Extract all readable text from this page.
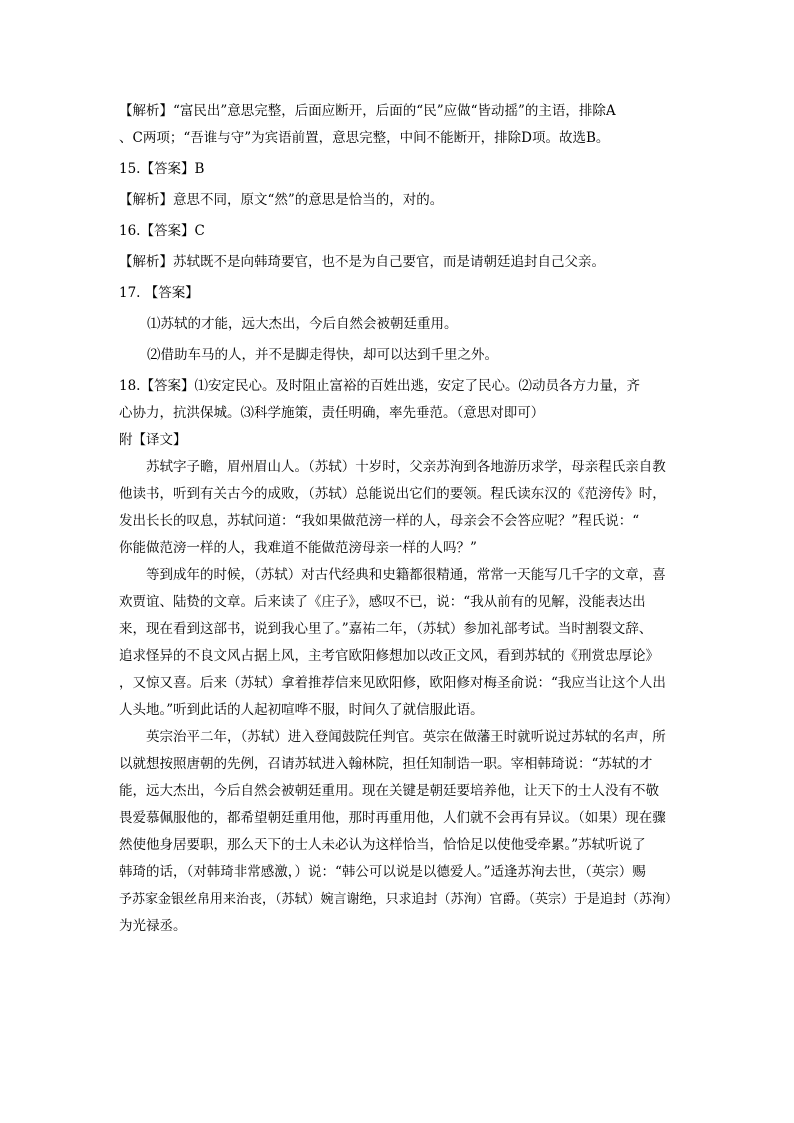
【解析】“富民出”意思完整，后面应断开，后面的“民”应做“皆动摇”的主语，排除A
、C两项；“吾谁与守”为宾语前置，意思完整，中间不能断开，排除D项。故选B。
15.【答案】B
【解析】意思不同，原文“然”的意思是恰当的，对的。
16.【答案】C
【解析】苏轼既不是向韩琦要官，也不是为自己要官，而是请朝廷追封自己父亲。
17. 【答案】
⑴苏轼的才能，远大杰出，今后自然会被朝廷重用。
⑵借助车马的人，并不是脚走得快，却可以达到千里之外。
18.【答案】⑴安定民心。及时阻止富裕的百姓出逃，安定了民心。⑵动员各方力量，齐
心协力，抗洪保城。⑶科学施策，责任明确，率先垂范。（意思对即可）
附【译文】
苏轼字子瞻，眉州眉山人。（苏轼）十岁时，父亲苏洵到各地游历求学，母亲程氏亲自教
他读书，听到有关古今的成败，（苏轼）总能说出它们的要领。程氏读东汉的《范滂传》时，
发出长长的叹息，苏轼问道：“我如果做范滂一样的人，母亲会不会答应呢？”程氏说：“
你能做范滂一样的人，我难道不能做范滂母亲一样的人吗？”
等到成年的时候，（苏轼）对古代经典和史籍都很精通，常常一天能写几千字的文章，喜
欢贾谊、陆贽的文章。后来读了《庄子》，感叹不已，说：“我从前有的见解，没能表达出
来，现在看到这部书，说到我心里了。”嘉祐二年，（苏轼）参加礼部考试。当时割裂文辞、
追求怪异的不良文风占据上风，主考官欧阳修想加以改正文风，看到苏轼的《刑赏忠厚论》
，又惊又喜。后来（苏轼）拿着推荐信来见欧阳修，欧阳修对梅圣俞说：“我应当让这个人出
人头地。”听到此话的人起初喧哗不服，时间久了就信服此语。
英宗治平二年，（苏轼）进入登闻鼓院任判官。英宗在做藩王时就听说过苏轼的名声，所
以就想按照唐朝的先例，召请苏轼进入翰林院，担任知制诰一职。宰相韩琦说：“苏轼的才
能，远大杰出，今后自然会被朝廷重用。现在关键是朝廷要培养他，让天下的士人没有不敬
畏爱慕佩服他的，都希望朝廷重用他，那时再重用他，人们就不会再有异议。（如果）现在骤
然使他身居要职，那么天下的士人未必认为这样恰当，恰恰足以使他受牵累。”苏轼听说了
韩琦的话，（对韩琦非常感激，）说：“韩公可以说是以德爱人。”适逢苏洵去世，（英宗）赐
予苏家金银丝帛用来治丧，（苏轼）婉言谢绝，只求追封（苏洵）官爵。（英宗）于是追封（苏洵）
为光禄丞。
